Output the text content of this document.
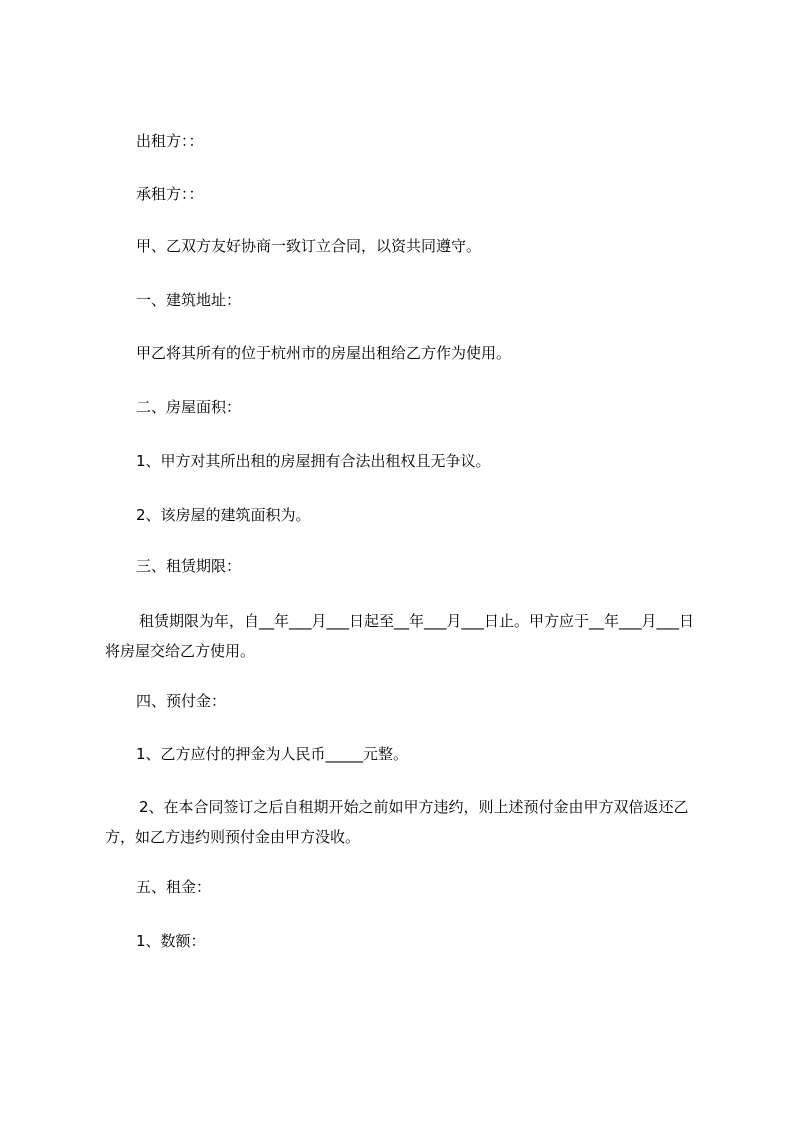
出租方：：
承租方：：
甲、乙双方友好协商一致订立合同，以资共同遵守。
一、建筑地址：
甲乙将其所有的位于杭州市的房屋出租给乙方作为使用。
二、房屋面积：
1、甲方对其所出租的房屋拥有合法出租权且无争议。
2、该房屋的建筑面积为。
三、租赁期限：
租赁期限为年，自__年___月___日起至__年___月___日止。甲方应于__年___月___日将房屋交给乙方使用。
四、预付金：
1、乙方应付的押金为人民币_____元整。
2、在本合同签订之后自租期开始之前如甲方违约，则上述预付金由甲方双倍返还乙方，如乙方违约则预付金由甲方没收。
五、租金：
1、数额：
